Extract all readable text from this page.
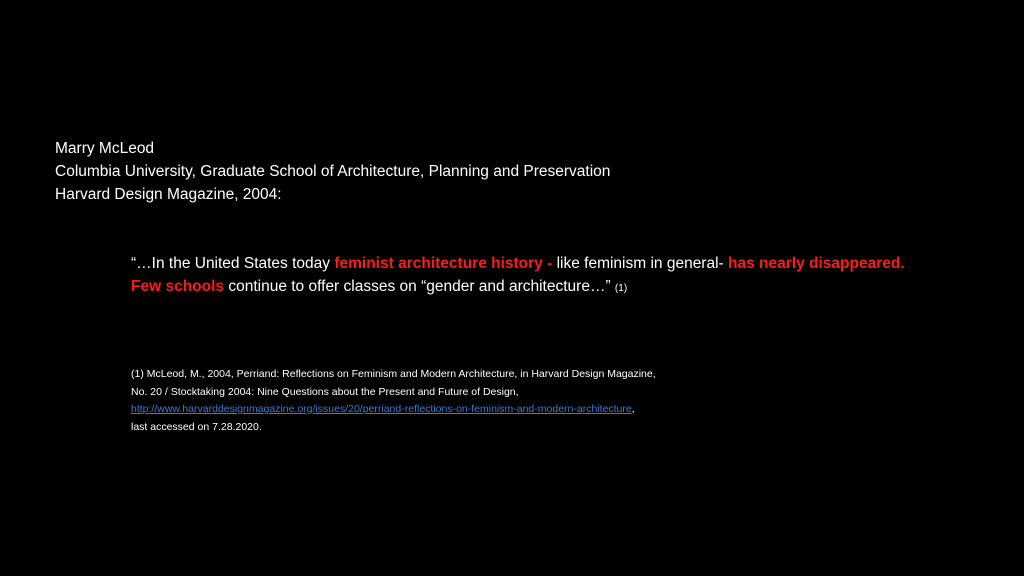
Marry McLeod
Columbia University, Graduate School of Architecture, Planning and Preservation
Harvard Design Magazine, 2004:
“…In the United States today feminist architecture history - like feminism in general- has nearly disappeared.
Few schools continue to offer classes on “gender and architecture…” (1)
(1) McLeod, M., 2004, Perriand: Reflections on Feminism and Modern Architecture, in Harvard Design Magazine,
No. 20 / Stocktaking 2004: Nine Questions about the Present and Future of Design,
http://www.harvarddesignmagazine.org/issues/20/perriand-reflections-on-feminism-and-modern-architecture,
last accessed on 7.28.2020.
